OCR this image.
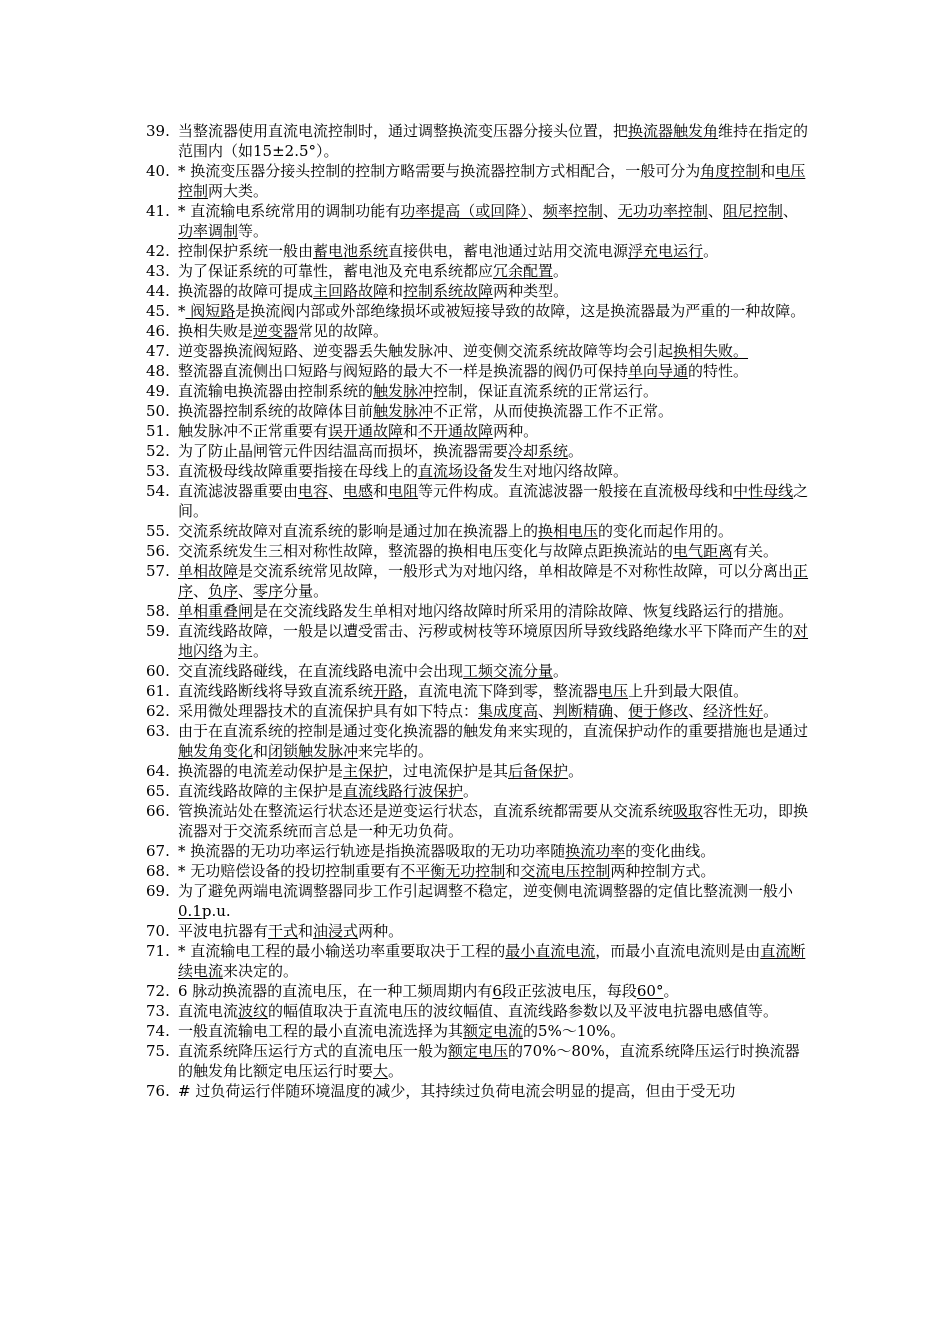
39. 当整流器使用直流电流控制时，通过调整换流变压器分接头位置，把换流器触发角维持在指定的范围内（如15±2.5°）。
40. * 换流变压器分接头控制的控制方略需要与换流器控制方式相配合，一般可分为角度控制和电压控制两大类。
41. * 直流输电系统常用的调制功能有功率提高（或回降）、频率控制、无功功率控制、阻尼控制、功率调制等。
42. 控制保护系统一般由蓄电池系统直接供电，蓄电池通过站用交流电源浮充电运行。
43. 为了保证系统的可靠性，蓄电池及充电系统都应冗余配置。
44. 换流器的故障可提成主回路故障和控制系统故障两种类型。
45. * 阀短路是换流阀内部或外部绝缘损坏或被短接导致的故障，这是换流器最为严重的一种故障。
46. 换相失败是逆变器常见的故障。
47. 逆变器换流阀短路、逆变器丢失触发脉冲、逆变侧交流系统故障等均会引起换相失败。
48. 整流器直流侧出口短路与阀短路的最大不一样是换流器的阀仍可保持单向导通的特性。
49. 直流输电换流器由控制系统的触发脉冲控制，保证直流系统的正常运行。
50. 换流器控制系统的故障体目前触发脉冲不正常，从而使换流器工作不正常。
51. 触发脉冲不正常重要有误开通故障和不开通故障两种。
52. 为了防止晶闸管元件因结温高而损坏，换流器需要冷却系统。
53. 直流极母线故障重要指接在母线上的直流场设备发生对地闪络故障。
54. 直流滤波器重要由电容、电感和电阻等元件构成。直流滤波器一般接在直流极母线和中性母线之间。
55. 交流系统故障对直流系统的影响是通过加在换流器上的换相电压的变化而起作用的。
56. 交流系统发生三相对称性故障，整流器的换相电压变化与故障点距换流站的电气距离有关。
57. 单相故障是交流系统常见故障，一般形式为对地闪络，单相故障是不对称性故障，可以分离出正序、负序、零序分量。
58. 单相重叠闸是在交流线路发生单相对地闪络故障时所采用的清除故障、恢复线路运行的措施。
59. 直流线路故障，一般是以遭受雷击、污秽或树枝等环境原因所导致线路绝缘水平下降而产生的对地闪络为主。
60. 交直流线路碰线，在直流线路电流中会出现工频交流分量。
61. 直流线路断线将导致直流系统开路，直流电流下降到零，整流器电压上升到最大限值。
62. 采用微处理器技术的直流保护具有如下特点：集成度高、判断精确、便于修改、经济性好。
63. 由于在直流系统的控制是通过变化换流器的触发角来实现的，直流保护动作的重要措施也是通过触发角变化和闭锁触发脉冲来完毕的。
64. 换流器的电流差动保护是主保护，过电流保护是其后备保护。
65. 直流线路故障的主保护是直流线路行波保护。
66. 管换流站处在整流运行状态还是逆变运行状态，直流系统都需要从交流系统吸取容性无功，即换流器对于交流系统而言总是一种无功负荷。
67. * 换流器的无功功率运行轨迹是指换流器吸取的无功功率随换流功率的变化曲线。
68. * 无功赔偿设备的投切控制重要有不平衡无功控制和交流电压控制两种控制方式。
69. 为了避免两端电流调整器同步工作引起调整不稳定，逆变侧电流调整器的定值比整流测一般小0.1p.u.
70. 平波电抗器有干式和油浸式两种。
71. * 直流输电工程的最小输送功率重要取决于工程的最小直流电流，而最小直流电流则是由直流断续电流来决定的。
72. 6 脉动换流器的直流电压，在一种工频周期内有6段正弦波电压，每段60°。
73. 直流电流波纹的幅值取决于直流电压的波纹幅值、直流线路参数以及平波电抗器电感值等。
74. 一般直流输电工程的最小直流电流选择为其额定电流的5%～10%。
75. 直流系统降压运行方式的直流电压一般为额定电压的70%～80%，直流系统降压运行时换流器的触发角比额定电压运行时要大。
76. # 过负荷运行伴随环境温度的减少，其持续过负荷电流会明显的提高，但由于受无功
